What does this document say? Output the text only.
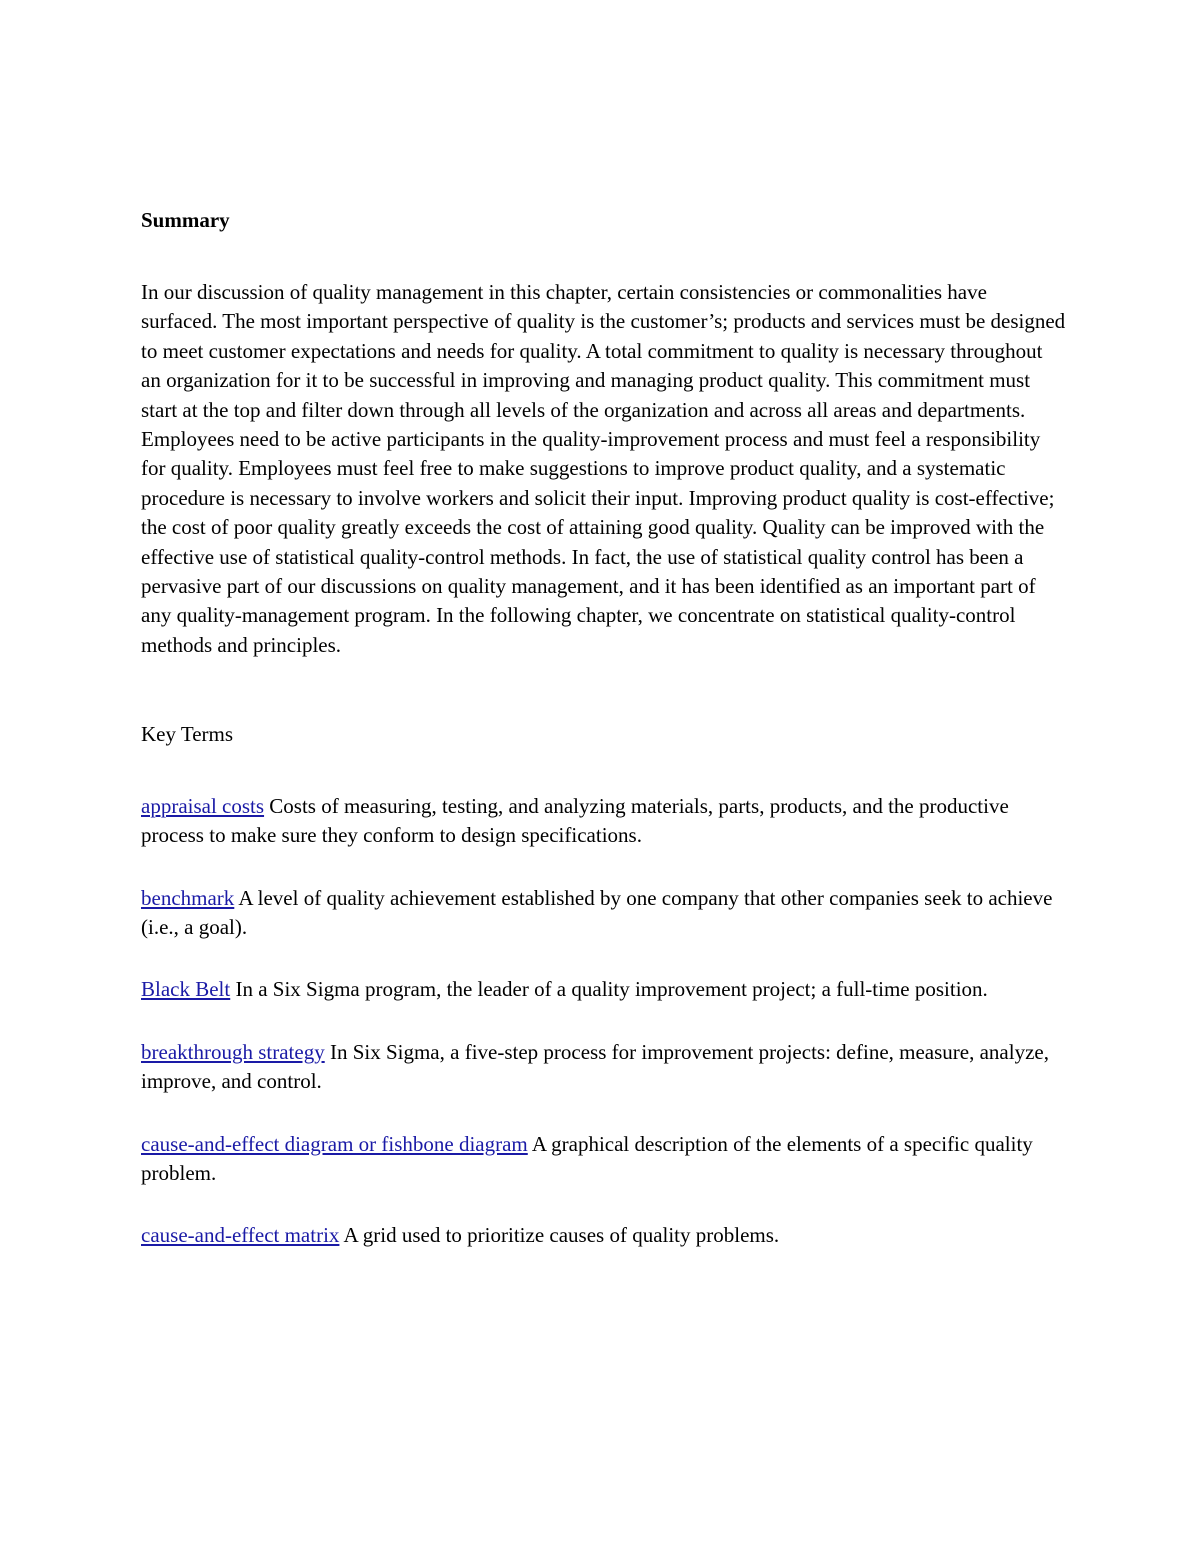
Summary

In our discussion of quality management in this chapter, certain consistencies or commonalities have surfaced. The most important perspective of quality is the customer’s; products and services must be designed to meet customer expectations and needs for quality. A total commitment to quality is necessary throughout an organization for it to be successful in improving and managing product quality. This commitment must start at the top and filter down through all levels of the organization and across all areas and departments. Employees need to be active participants in the quality-improvement process and must feel a responsibility for quality. Employees must feel free to make suggestions to improve product quality, and a systematic procedure is necessary to involve workers and solicit their input. Improving product quality is cost-effective; the cost of poor quality greatly exceeds the cost of attaining good quality. Quality can be improved with the effective use of statistical quality-control methods. In fact, the use of statistical quality control has been a pervasive part of our discussions on quality management, and it has been identified as an important part of any quality-management program. In the following chapter, we concentrate on statistical quality-control methods and principles.

Key Terms

appraisal costs Costs of measuring, testing, and analyzing materials, parts, products, and the productive process to make sure they conform to design specifications.
benchmark A level of quality achievement established by one company that other companies seek to achieve (i.e., a goal).
Black Belt In a Six Sigma program, the leader of a quality improvement project; a full-time position.
breakthrough strategy In Six Sigma, a five-step process for improvement projects: define, measure, analyze, improve, and control.
cause-and-effect diagram or fishbone diagram A graphical description of the elements of a specific quality problem.
cause-and-effect matrix A grid used to prioritize causes of quality problems.
